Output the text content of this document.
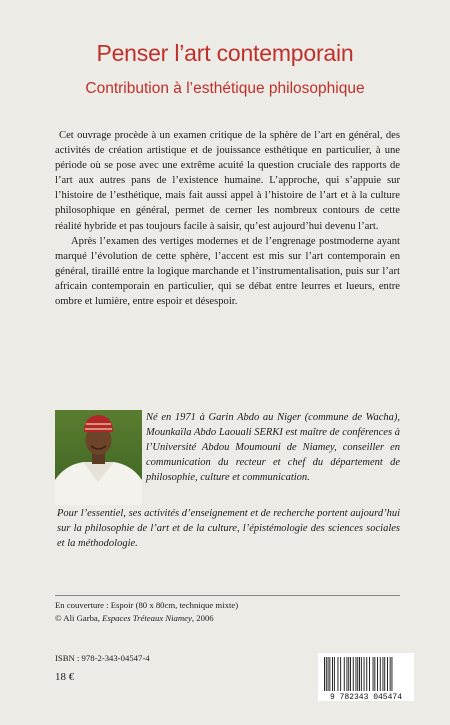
Penser l’art contemporain
Contribution à l’esthétique philosophique

Cet ouvrage procède à un examen critique de la sphère de l’art en général, des activités de création artistique et de jouissance esthétique en particulier, à une période où se pose avec une extrême acuité la question cruciale des rapports de l’art aux autres pans de l’existence humaine. L’approche, qui s’appuie sur l’histoire de l’esthétique, mais fait aussi appel à l’histoire de l’art et à la culture philosophique en général, permet de cerner les nombreux contours de cette réalité hybride et pas toujours facile à saisir, qu’est aujourd’hui devenu l’art.

Après l’examen des vertiges modernes et de l’engrenage postmoderne ayant marqué l’évolution de cette sphère, l’accent est mis sur l’art contemporain en général, tiraillé entre la logique marchande et l’instrumentalisation, puis sur l’art africain contemporain en particulier, qui se débat entre leurres et lueurs, entre ombre et lumière, entre espoir et désespoir.

Né en 1971 à Garin Abdo au Niger (commune de Wacha), Mounkaïla Abdo Laouali SERKI est maître de conférences à l’Université Abdou Moumouni de Niamey, conseiller en communication du recteur et chef du département de philosophie, culture et communication.

Pour l’essentiel, ses activités d’enseignement et de recherche portent aujourd’hui sur la philosophie de l’art et de la culture, l’épistémologie des sciences sociales et la méthodologie.

En couverture : Espoir (80 x 80cm, technique mixte)
© Ali Garba, Espaces Tréteaux Niamey, 2006
ISBN : 978-2-343-04547-4
18 €
9 782343 045474
